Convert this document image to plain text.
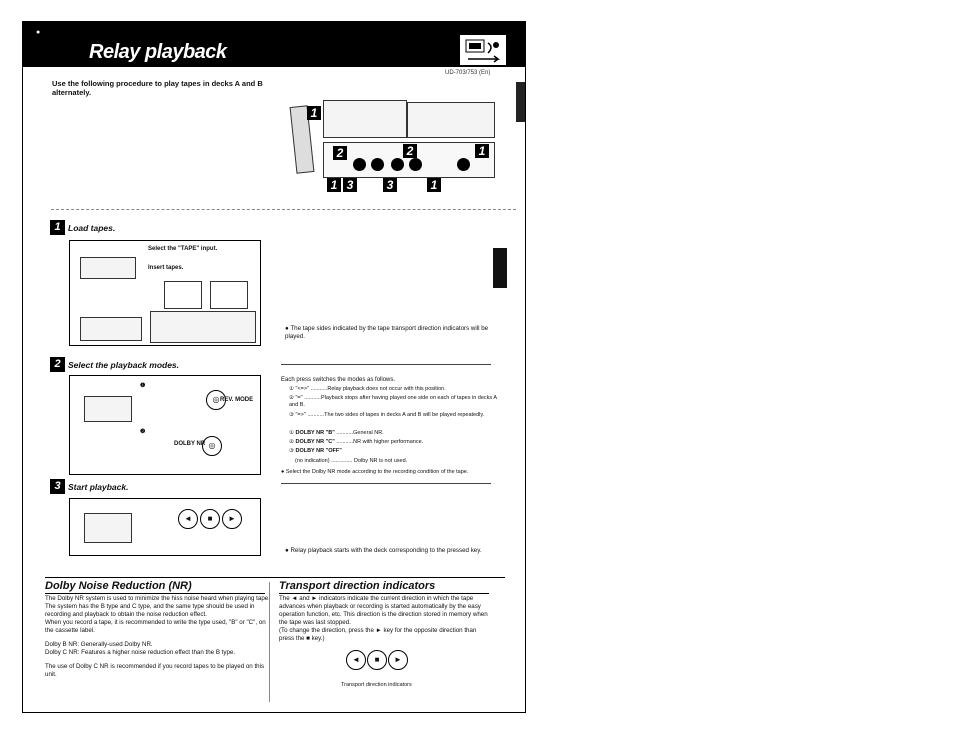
●
Relay playback
UD-703/753 (En)
Use the following procedure to play tapes in decks A and B alternately.
1
2	2	1
1 3	3	1
1 Load tapes.
Select the "TAPE" input.
Insert tapes.
● The tape sides indicated by the tape transport direction indicators will be played.
2 Select the playback modes.
❶
❷
◎ REV. MODE
◎
DOLBY NR
Each press switches the modes as follows.
① "<=>" ...........Relay playback does not occur with this position.
② "=" ...........Playback stops after having played one side on each of tapes in decks A and B.
③ "=>" ...........The two sides of tapes in decks A and B will be played repeatedly.
① DOLBY NR "B" ...........General NR.
② DOLBY NR "C" ...........NR with higher performance.
③ DOLBY NR "OFF"
(no indication) .............. Dolby NR is not used.
● Select the Dolby NR mode according to the recording condition of the tape.
3 Start playback.
◄	■	►
● Relay playback starts with the deck corresponding to the pressed key.
Dolby Noise Reduction (NR)
The Dolby NR system is used to minimize the hiss noise heard when playing tape. The system has the B type and C type, and the same type should be used in recording and playback to obtain the noise reduction effect.
When you record a tape, it is recommended to write the type used, "B" or "C", on the cassette label.
Dolby B NR: Generally-used Dolby NR.
Dolby C NR: Features a higher noise reduction effect than the B type.
The use of Dolby C NR is recommended if you record tapes to be played on this unit.
Transport direction indicators
The ◄ and ► indicators indicate the current direction in which the tape advances when playback or recording is started automatically by the easy operation function, etc. This direction is the direction stored in memory when the tape was last stopped.
(To change the direction, press the ► key for the opposite direction than press the ■ key.)
◄	■	►
Transport direction indicators
